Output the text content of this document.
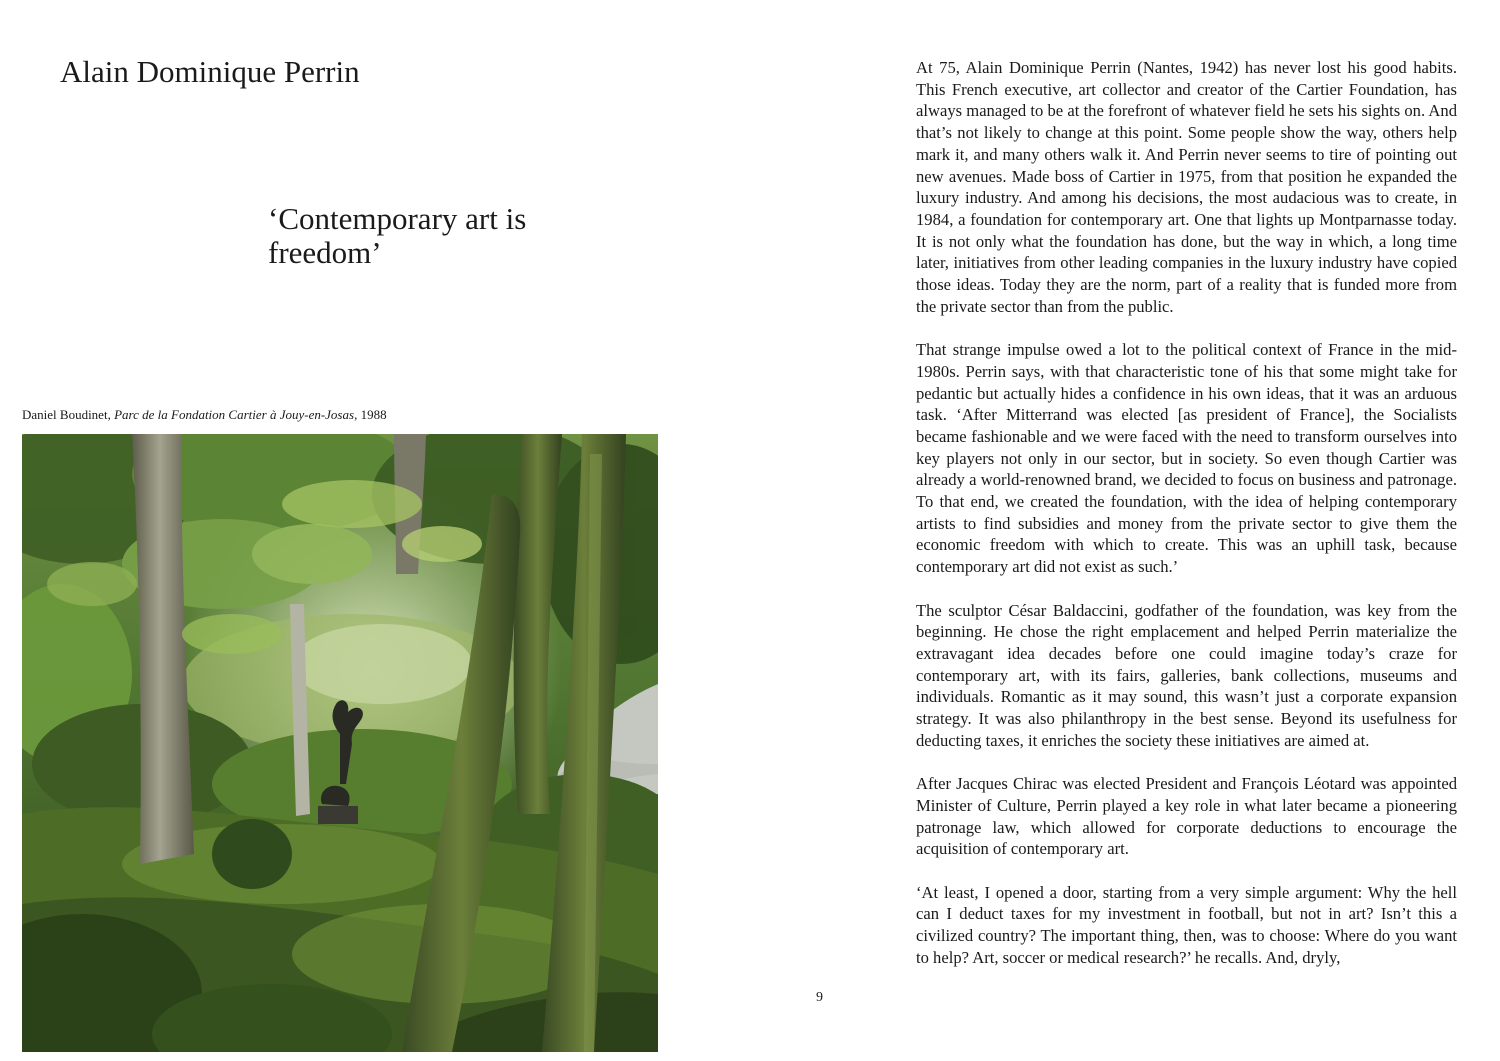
Alain Dominique Perrin
‘Contemporary art is freedom’
Daniel Boudinet, Parc de la Fondation Cartier à Jouy-en-Josas, 1988
9

At 75, Alain Dominique Perrin (Nantes, 1942) has never lost his good habits. This French executive, art collector and creator of the Cartier Foundation, has always managed to be at the forefront of whatever field he sets his sights on. And that’s not likely to change at this point. Some people show the way, others help mark it, and many others walk it. And Perrin never seems to tire of pointing out new avenues. Made boss of Cartier in 1975, from that position he expanded the luxury industry. And among his decisions, the most audacious was to create, in 1984, a foundation for contemporary art. One that lights up Montparnasse today. It is not only what the foundation has done, but the way in which, a long time later, initiatives from other leading companies in the luxury industry have copied those ideas. Today they are the norm, part of a reality that is funded more from the private sector than from the public.

That strange impulse owed a lot to the political context of France in the mid-1980s. Perrin says, with that characteristic tone of his that some might take for pedantic but actually hides a confidence in his own ideas, that it was an arduous task. ‘After Mitterrand was elected [as president of France], the Socialists became fashionable and we were faced with the need to transform ourselves into key players not only in our sector, but in society. So even though Cartier was already a world-renowned brand, we decided to focus on business and patronage. To that end, we created the foundation, with the idea of helping contemporary artists to find subsidies and money from the private sector to give them the economic freedom with which to create. This was an uphill task, because contemporary art did not exist as such.’

The sculptor César Baldaccini, godfather of the foundation, was key from the beginning. He chose the right emplacement and helped Perrin materialize the extravagant idea decades before one could imagine today’s craze for contemporary art, with its fairs, galleries, bank collections, museums and individuals. Romantic as it may sound, this wasn’t just a corporate expansion strategy. It was also philanthropy in the best sense. Beyond its usefulness for deducting taxes, it enriches the society these initiatives are aimed at.

After Jacques Chirac was elected President and François Léotard was appointed Minister of Culture, Perrin played a key role in what later became a pioneering patronage law, which allowed for corporate deductions to encourage the acquisition of contemporary art.

‘At least, I opened a door, starting from a very simple argument: Why the hell can I deduct taxes for my investment in football, but not in art? Isn’t this a civilized country? The important thing, then, was to choose: Where do you want to help? Art, soccer or medical research?’ he recalls. And, dryly,
